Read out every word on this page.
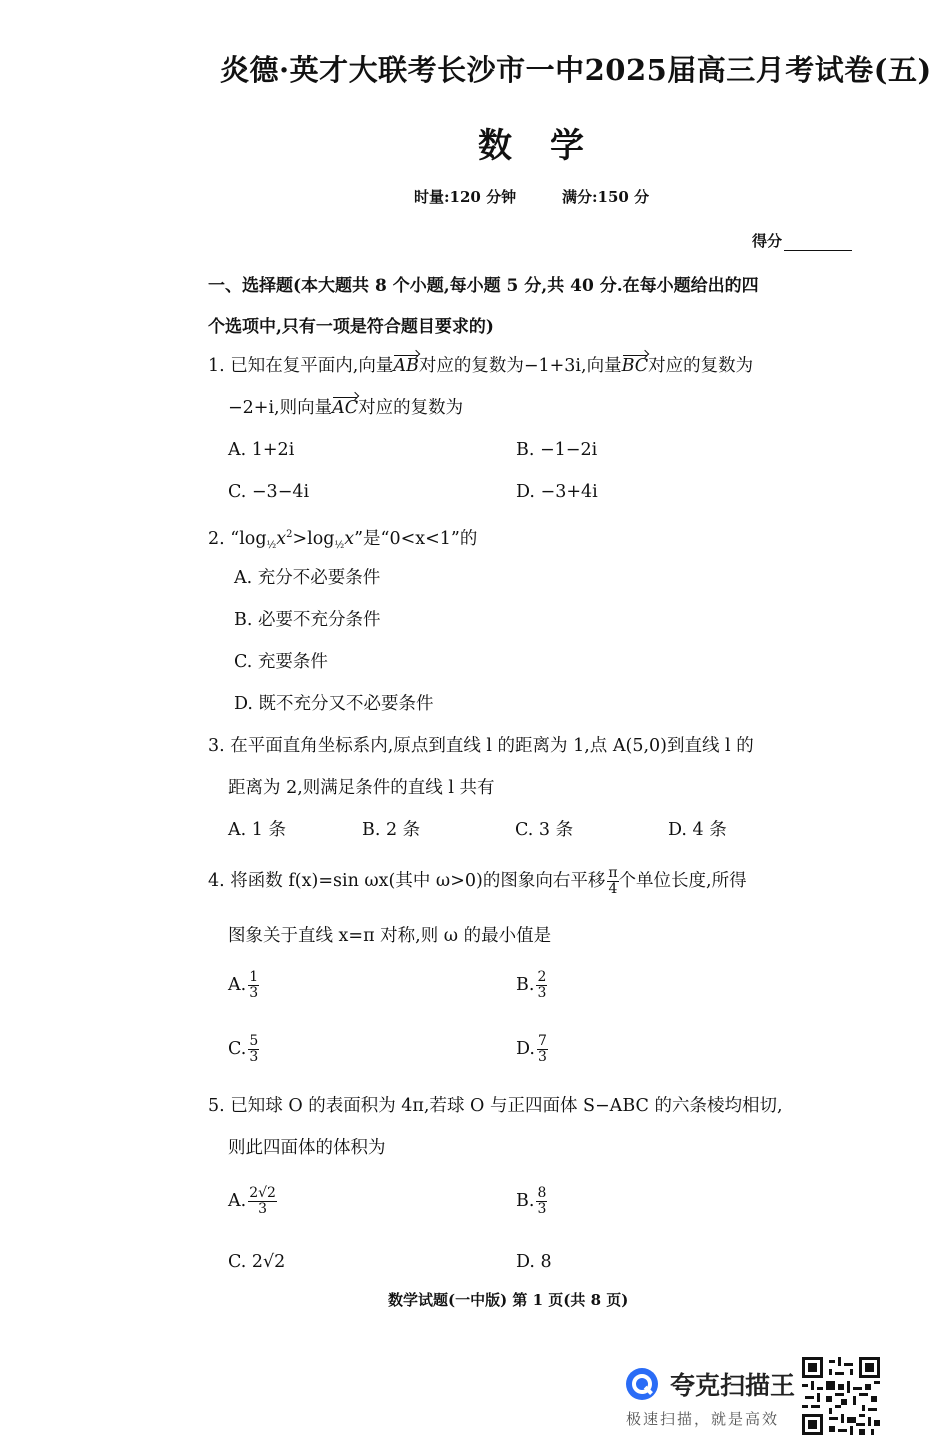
炎德·英才大联考长沙市一中2025届高三月考试卷(五)
数学
时量:120 分钟	满分:150 分
得分
一、选择题(本大题共 8 个小题,每小题 5 分,共 40 分.在每小题给出的四
个选项中,只有一项是符合题目要求的)
1. 已知在复平面内,向量AB对应的复数为−1+3i,向量BC对应的复数为
−2+i,则向量AC对应的复数为
A. 1+2i	B. −1−2i
C. −3−4i	D. −3+4i
2. “$\log_{\frac{1}{2}}x^2>\log_{\frac{1}{2}}x$”是“0<x<1”的
A. 充分不必要条件
B. 必要不充分条件
C. 充要条件
D. 既不充分又不必要条件
3. 在平面直角坐标系内,原点到直线 l 的距离为 1,点 A(5,0)到直线 l 的
距离为 2,则满足条件的直线 l 共有
A. 1 条	B. 2 条	C. 3 条	D. 4 条
4. 将函数 f(x)=sin ωx(其中 ω>0)的图象向右平移 $\frac{\pi}{4}$ 个单位长度,所得
图象关于直线 x=π 对称,则 ω 的最小值是
A. $\frac{1}{3}$	B. $\frac{2}{3}$
C. $\frac{5}{3}$	D. $\frac{7}{3}$
5. 已知球 O 的表面积为 4π,若球 O 与正四面体 S−ABC 的六条棱均相切,
则此四面体的体积为
A. $\frac{2√2}{3}$	B. $\frac{8}{3}$
C. 2√2	D. 8
数学试题(一中版) 第 1 页(共 8 页)
夸克扫描王
极速扫描，就是高效
